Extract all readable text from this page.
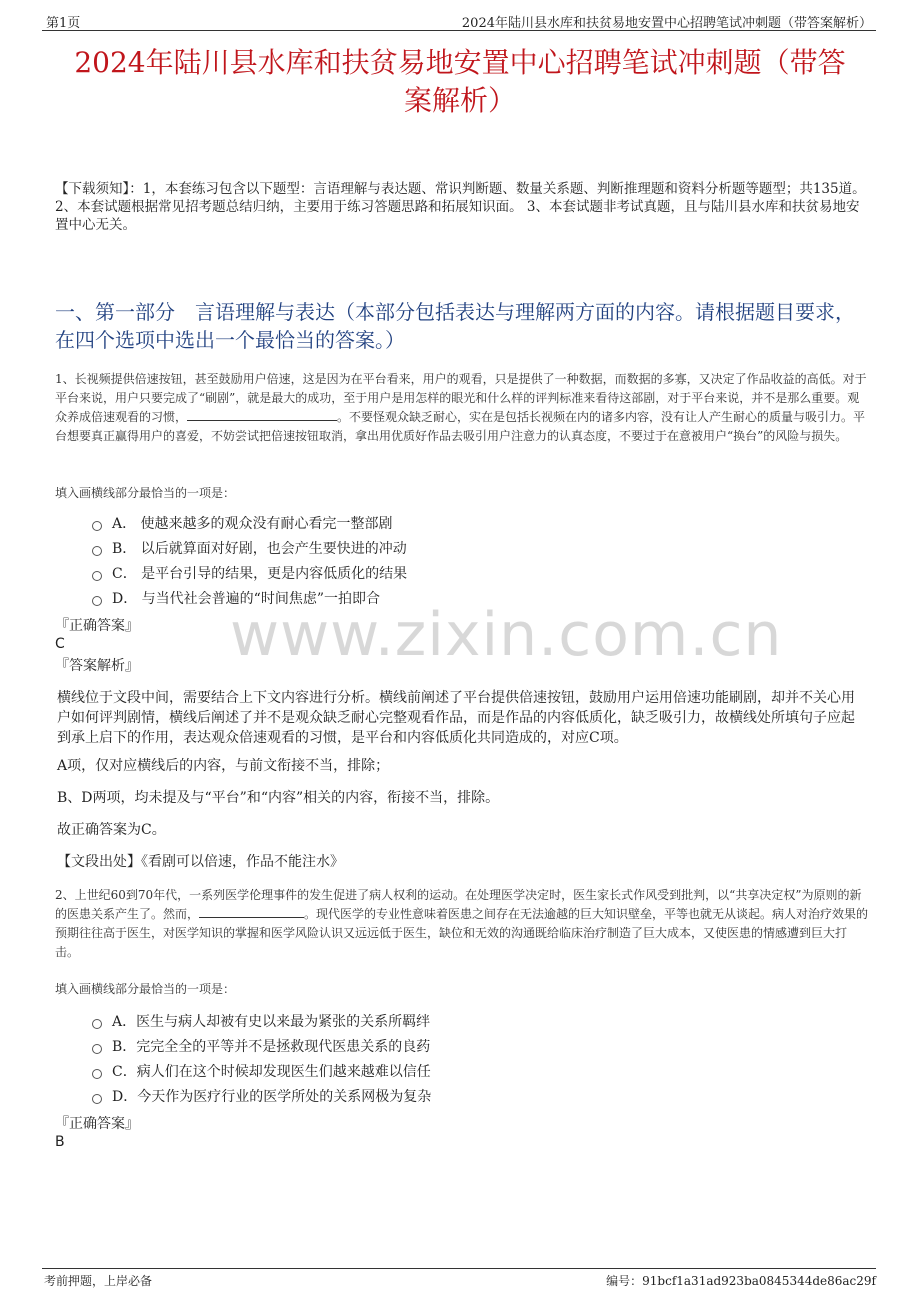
第1页	2024年陆川县水库和扶贫易地安置中心招聘笔试冲刺题（带答案解析）
2024年陆川县水库和扶贫易地安置中心招聘笔试冲刺题（带答
案解析）
【下载须知】：1，本套练习包含以下题型：言语理解与表达题、常识判断题、数量关系题、判断推理题和资料分析题等题型；共135道。 2、本套试题根据常见招考题总结归纳，主要用于练习答题思路和拓展知识面。 3、本套试题非考试真题，且与陆川县水库和扶贫易地安置中心无关。
一、第一部分　言语理解与表达（本部分包括表达与理解两方面的内容。请根据题目要求，在四个选项中选出一个最恰当的答案。）
www.zixin.com.cn
1、长视频提供倍速按钮，甚至鼓励用户倍速，这是因为在平台看来，用户的观看，只是提供了一种数据，而数据的多寡，又决定了作品收益的高低。对于平台来说，用户只要完成了“刷剧”，就是最大的成功，至于用户是用怎样的眼光和什么样的评判标准来看待这部剧，对于平台来说，并不是那么重要。观众养成倍速观看的习惯，	。不要怪观众缺乏耐心，实在是包括长视频在内的诸多内容，没有让人产生耐心的质量与吸引力。平台想要真正赢得用户的喜爱，不妨尝试把倍速按钮取消，拿出用优质好作品去吸引用户注意力的认真态度，不要过于在意被用户“换台”的风险与损失。
填入画横线部分最恰当的一项是：
A． 使越来越多的观众没有耐心看完一整部剧
B． 以后就算面对好剧，也会产生要快进的冲动
C． 是平台引导的结果，更是内容低质化的结果
D． 与当代社会普遍的“时间焦虑”一拍即合
『正确答案』
C
『答案解析』
横线位于文段中间，需要结合上下文内容进行分析。横线前阐述了平台提供倍速按钮，鼓励用户运用倍速功能刷剧，却并不关心用户如何评判剧情，横线后阐述了并不是观众缺乏耐心完整观看作品，而是作品的内容低质化，缺乏吸引力，故横线处所填句子应起到承上启下的作用，表达观众倍速观看的习惯，是平台和内容低质化共同造成的，对应C项。
A项，仅对应横线后的内容，与前文衔接不当，排除；
B、D两项，均未提及与“平台”和“内容”相关的内容，衔接不当，排除。
故正确答案为C。
【文段出处】《看剧可以倍速，作品不能注水》
2、上世纪60到70年代，一系列医学伦理事件的发生促进了病人权利的运动。在处理医学决定时，医生家长式作风受到批判，以“共享决定权”为原则的新的医患关系产生了。然而，	。现代医学的专业性意味着医患之间存在无法逾越的巨大知识壁垒，平等也就无从谈起。病人对治疗效果的预期往往高于医生，对医学知识的掌握和医学风险认识又远远低于医生，缺位和无效的沟通既给临床治疗制造了巨大成本，又使医患的情感遭到巨大打击。
填入画横线部分最恰当的一项是：
A．医生与病人却被有史以来最为紧张的关系所羁绊
B．完完全全的平等并不是拯救现代医患关系的良药
C．病人们在这个时候却发现医生们越来越难以信任
D．今天作为医疗行业的医学所处的关系网极为复杂
『正确答案』
B
考前押题，上岸必备	编号：91bcf1a31ad923ba0845344de86ac29f
